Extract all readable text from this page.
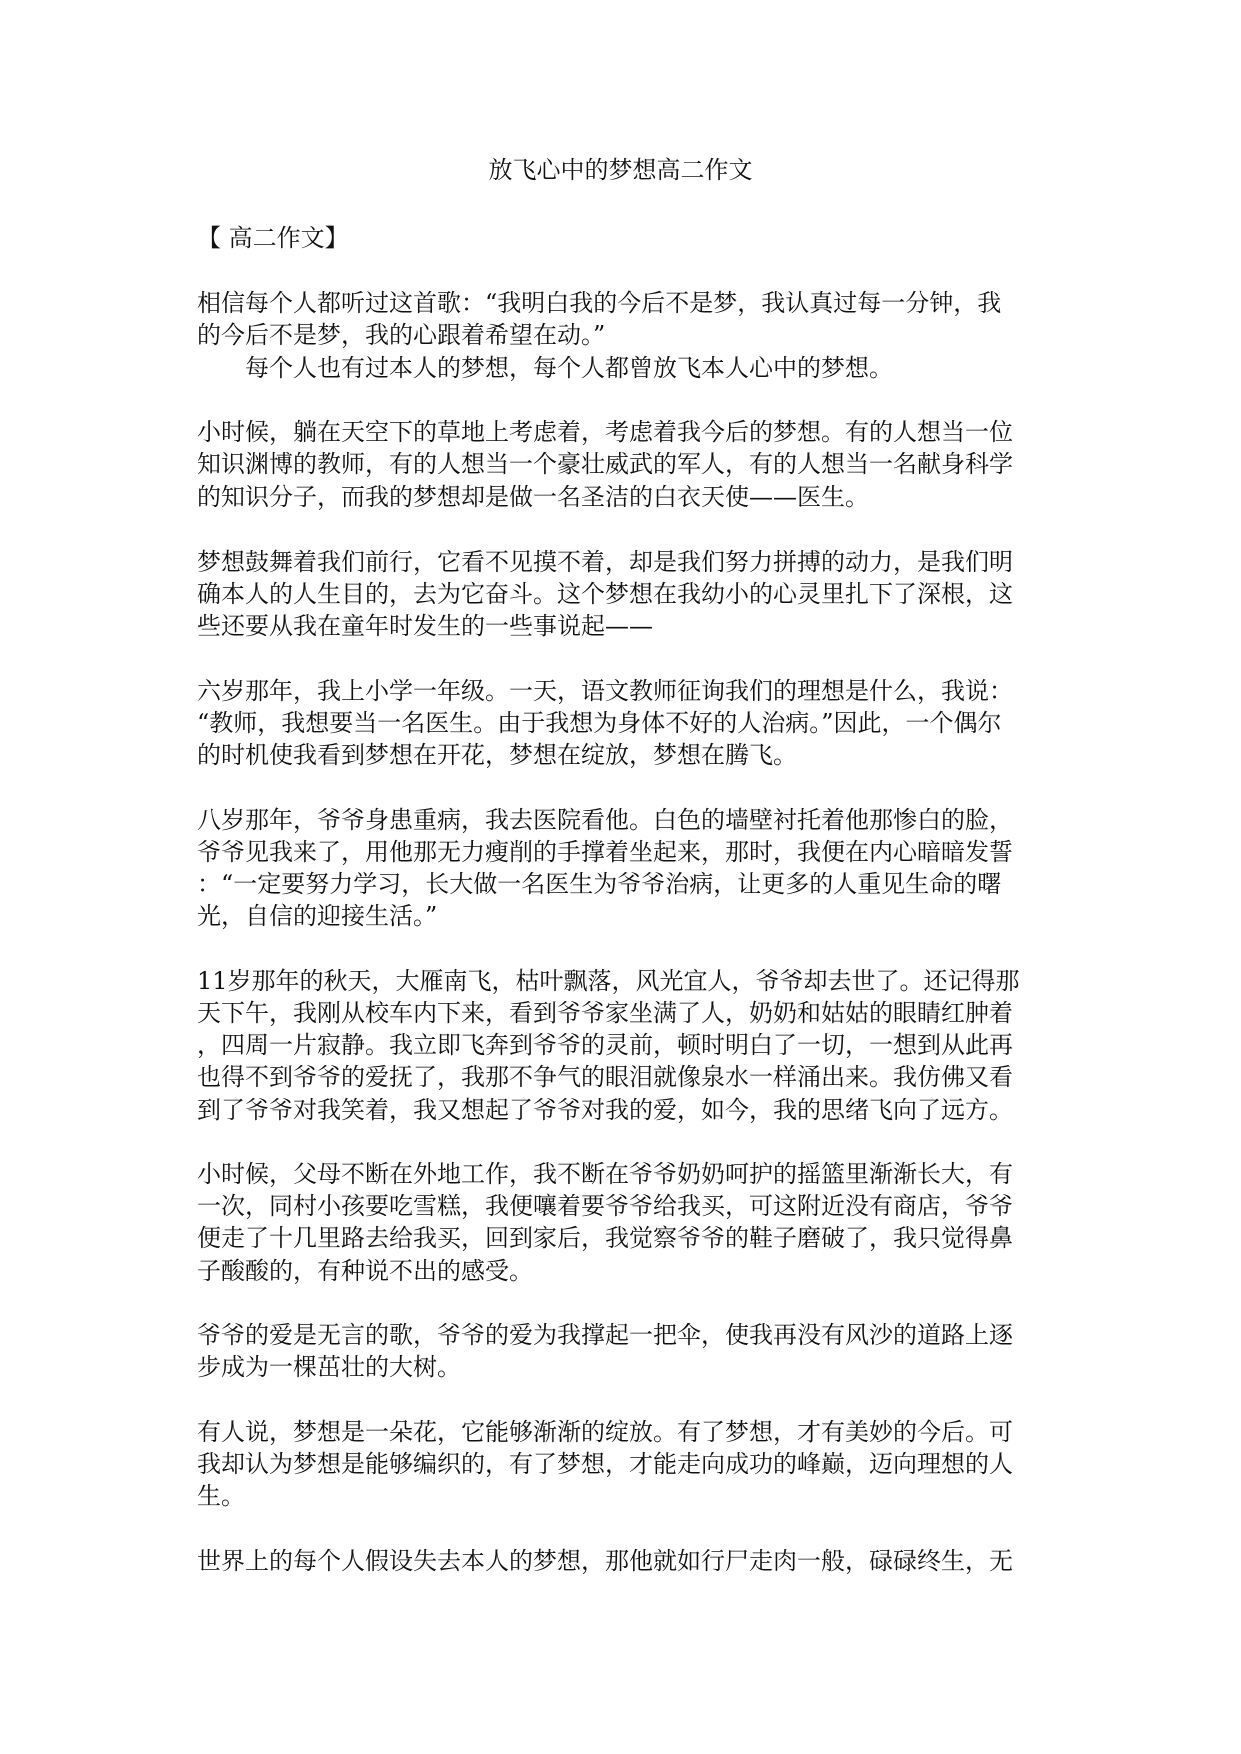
放飞心中的梦想高二作文
【 高二作文】
相信每个人都听过这首歌：“我明白我的今后不是梦，我认真过每一分钟，我
的今后不是梦，我的心跟着希望在动。”
每个人也有过本人的梦想，每个人都曾放飞本人心中的梦想。
小时候，躺在天空下的草地上考虑着，考虑着我今后的梦想。有的人想当一位
知识渊博的教师，有的人想当一个豪壮威武的军人，有的人想当一名献身科学
的知识分子，而我的梦想却是做一名圣洁的白衣天使——医生。
梦想鼓舞着我们前行，它看不见摸不着，却是我们努力拼搏的动力，是我们明
确本人的人生目的，去为它奋斗。这个梦想在我幼小的心灵里扎下了深根，这
些还要从我在童年时发生的一些事说起——
六岁那年，我上小学一年级。一天，语文教师征询我们的理想是什么，我说：
“教师，我想要当一名医生。由于我想为身体不好的人治病。”因此，一个偶尔
的时机使我看到梦想在开花，梦想在绽放，梦想在腾飞。
八岁那年，爷爷身患重病，我去医院看他。白色的墙壁衬托着他那惨白的脸，
爷爷见我来了，用他那无力瘦削的手撑着坐起来，那时，我便在内心暗暗发誓
：“一定要努力学习，长大做一名医生为爷爷治病，让更多的人重见生命的曙
光，自信的迎接生活。”
11岁那年的秋天，大雁南飞，枯叶飘落，风光宜人，爷爷却去世了。还记得那
天下午，我刚从校车内下来，看到爷爷家坐满了人，奶奶和姑姑的眼睛红肿着
，四周一片寂静。我立即飞奔到爷爷的灵前，顿时明白了一切，一想到从此再
也得不到爷爷的爱抚了，我那不争气的眼泪就像泉水一样涌出来。我仿佛又看
到了爷爷对我笑着，我又想起了爷爷对我的爱，如今，我的思绪飞向了远方。
小时候，父母不断在外地工作，我不断在爷爷奶奶呵护的摇篮里渐渐长大，有
一次，同村小孩要吃雪糕，我便嚷着要爷爷给我买，可这附近没有商店，爷爷
便走了十几里路去给我买，回到家后，我觉察爷爷的鞋子磨破了，我只觉得鼻
子酸酸的，有种说不出的感受。
爷爷的爱是无言的歌，爷爷的爱为我撑起一把伞，使我再没有风沙的道路上逐
步成为一棵茁壮的大树。
有人说，梦想是一朵花，它能够渐渐的绽放。有了梦想，才有美妙的今后。可
我却认为梦想是能够编织的，有了梦想，才能走向成功的峰巅，迈向理想的人
生。
世界上的每个人假设失去本人的梦想，那他就如行尸走肉一般，碌碌终生，无
